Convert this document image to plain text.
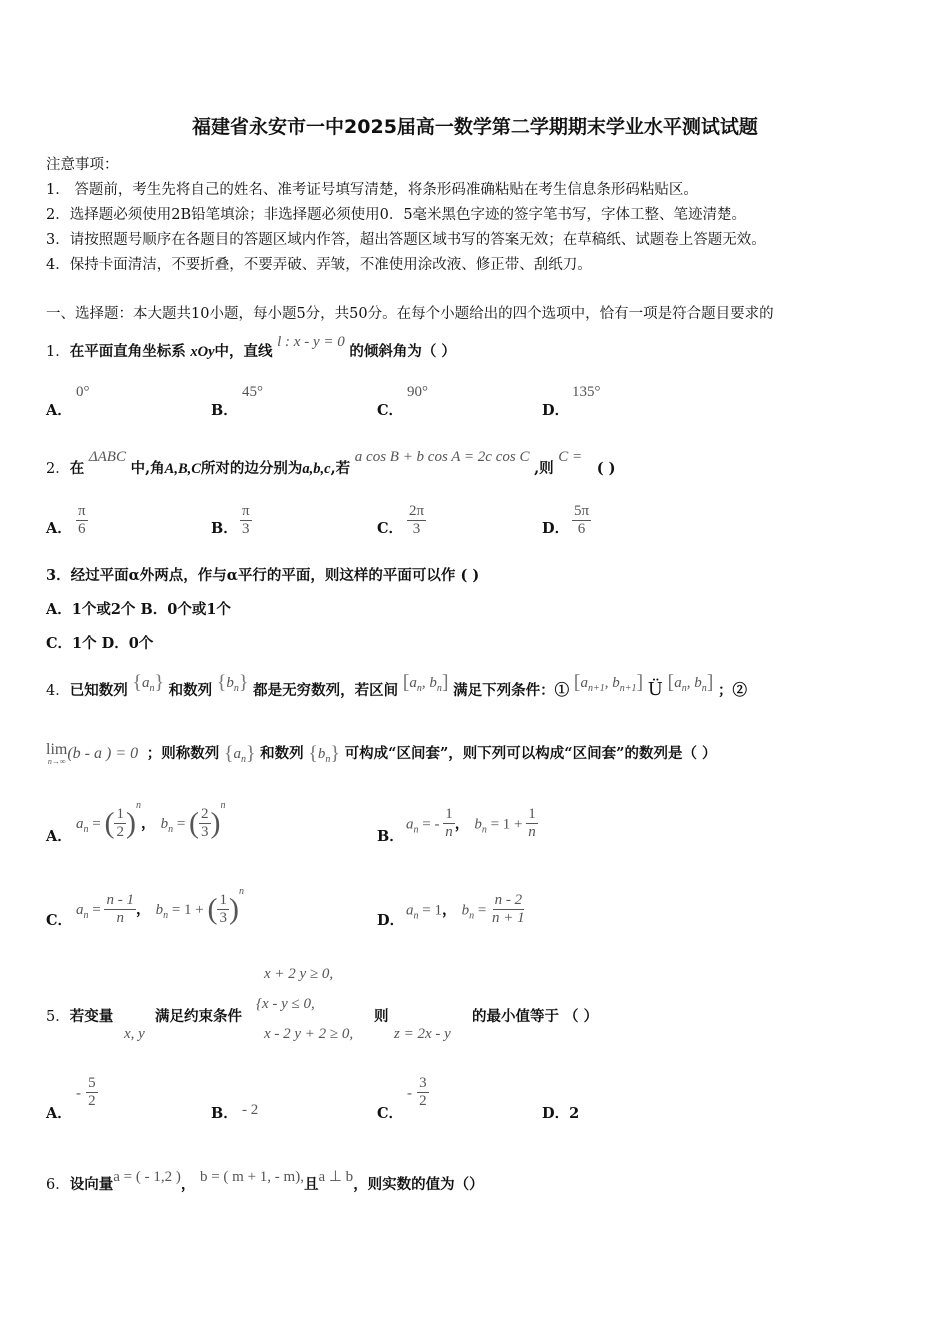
福建省永安市一中2025届高一数学第二学期期末学业水平测试试题
注意事项：
1． 答题前，考生先将自己的姓名、准考证号填写清楚，将条形码准确粘贴在考生信息条形码粘贴区。
2．选择题必须使用2B铅笔填涂；非选择题必须使用0．5毫米黑色字迹的签字笔书写，字体工整、笔迹清楚。
3．请按照题号顺序在各题目的答题区域内作答，超出答题区域书写的答案无效；在草稿纸、试题卷上答题无效。
4．保持卡面清洁，不要折叠，不要弄破、弄皱，不准使用涂改液、修正带、刮纸刀。
一、选择题：本大题共10小题，每小题5分，共50分。在每个小题给出的四个选项中，恰有一项是符合题目要求的
1．在平面直角坐标系 xOy中，直线 l : x - y = 0 的倾斜角为（ ）
A．
0°
B．
45°
C．
90°
D．
135°
2．在 ΔABC 中,角A,B,C所对的边分别为a,b,c,若 a cos B + b cos A = 2c cos C ,则 C = ( )
A． $\frac{\pi}{6}$	B． $\frac{\pi}{3}$	C． $\frac{2\pi}{3}$	D． $\frac{5\pi}{6}$
3．经过平面α外两点，作与α平行的平面，则这样的平面可以作 ( )
A．1个或2个 B．0个或1个
C．1个 D．0个
4．已知数列 $\{a_n\}$ 和数列 $\{b_n\}$ 都是无穷数列，若区间 [$a_n$, $b_n$] 满足下列条件：① [$a_{n+1}$, $b_{n+1}$] Ü [$a_n$, $b_n$] ；②
lim
n→∞ (b - a ) = 0 ；则称数列 $\{a_n\}$ 和数列 $\{b_n\}$ 可构成“区间套”，则下列可以构成“区间套”的数列是（ ）
A．
$a_n$ = ( $\frac{1}{2} )^n$， $b_n$ = ( $\frac{2}{3} )^n$
B．
$a_n$ = - $\frac{1}{n}$ ， $b_n = 1 + \frac{1}{n}$
C．
$a_n = \frac{n - 1}{n}$ ， $b_n = 1$ + ( $\frac{1}{3} )^n$
D．
$a_n = 1$， $b_n = \frac{n - 2}{n + 1}$
x + 2 y ≥ 0,
5．若变量
x, y
满足约束条件
{x - y ≤ 0,
x - 2 y + 2 ≥ 0,
则
z = 2x - y
的最小值等于 （ ）
A．
- $\frac{5}{2}$
B． - 2	C．
- $\frac{3}{2}$
D．2
6．设向量a = ( - 1,2 )， b = ( m + 1, - m),且a ⊥ b，则实数的值为（）
